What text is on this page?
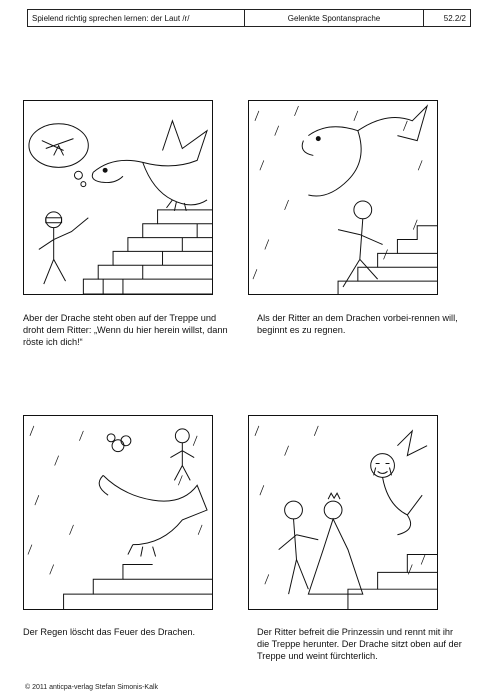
Spielend richtig sprechen lernen: der Laut /r/	Gelenkte Spontansprache	52.2/2

Aber der Drache steht oben auf der Treppe und droht dem Ritter: „Wenn du hier herein willst, dann röste ich dich!“

Als der Ritter an dem Drachen vorbei-rennen will, beginnt es zu regnen.

Der Regen löscht das Feuer des Drachen.	Der Ritter befreit die Prinzessin und rennt mit ihr die Treppe herunter. Der Drache sitzt oben auf der Treppe und weint fürchterlich.

© 2011 anticpa-verlag Stefan Simonis-Kalk
